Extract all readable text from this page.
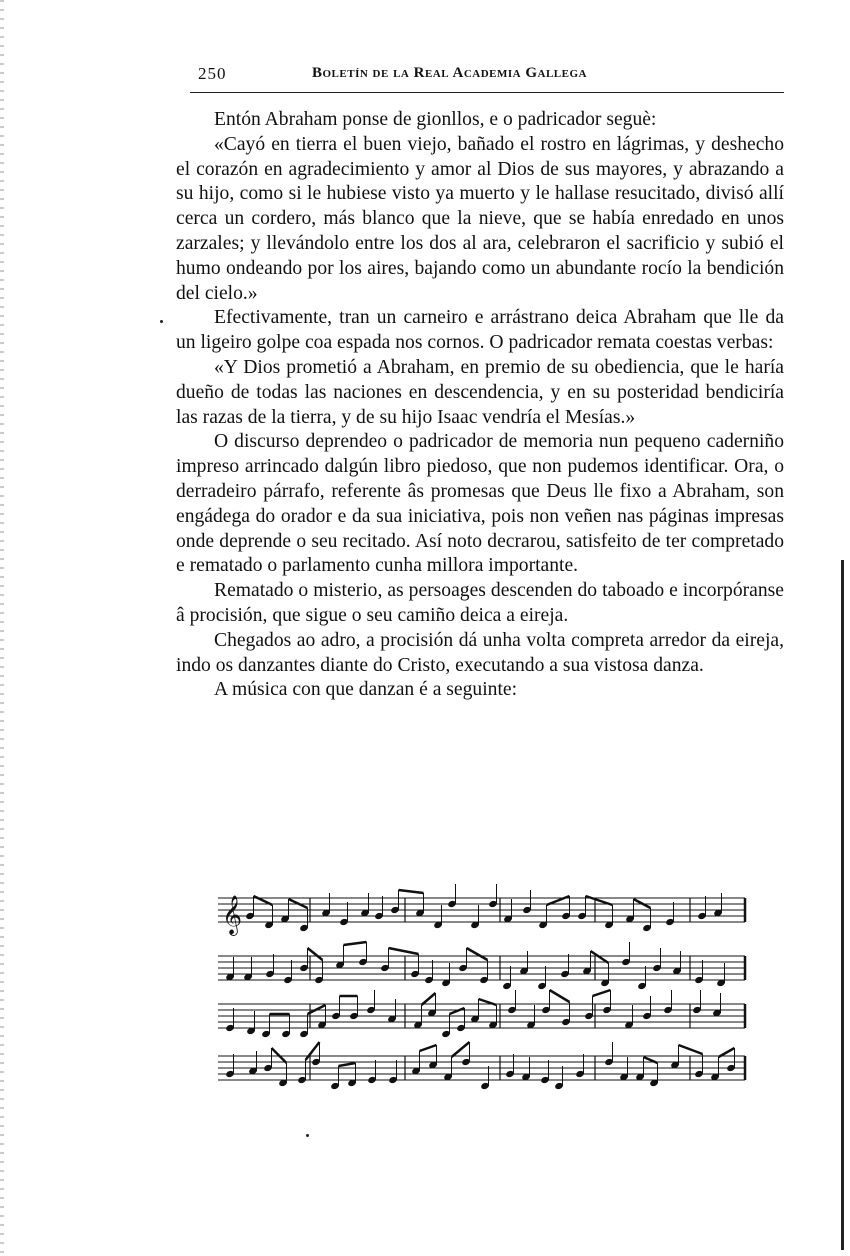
250	Boletín de la Real Academia Gallega

Entón Abraham ponse de gionllos, e o padricador seguè:

«Cayó en tierra el buen viejo, bañado el rostro en lágrimas, y deshecho el corazón en agradecimiento y amor al Dios de sus mayores, y abrazando a su hijo, como si le hubiese visto ya muerto y le hallase resucitado, divisó allí cerca un cordero, más blanco que la nieve, que se había enredado en unos zarzales; y llevándolo entre los dos al ara, celebraron el sacrificio y subió el humo ondeando por los aires, bajando como un abundante rocío la bendición del cielo.»

Efectivamente, tran un carneiro e arrástrano deica Abraham que lle da un ligeiro golpe coa espada nos cornos. O padricador remata coestas verbas:

«Y Dios prometió a Abraham, en premio de su obediencia, que le haría dueño de todas las naciones en descendencia, y en su posteridad bendiciría las razas de la tierra, y de su hijo Isaac vendría el Mesías.»

O discurso deprendeo o padricador de memoria nun pequeno caderniño impreso arrincado dalgún libro piedoso, que non pudemos identificar. Ora, o derradeiro párrafo, referente âs promesas que Deus lle fixo a Abraham, son engádega do orador e da sua iniciativa, pois non veñen nas páginas impresas onde deprende o seu recitado. Así noto decrarou, satisfeito de ter compretado e rematado o parlamento cunha millora importante.

Rematado o misterio, as persoages descenden do taboado e incorpóranse â procisión, que sigue o seu camiño deica a eireja.

Chegados ao adro, a procisión dá unha volta compreta arredor da eireja, indo os danzantes diante do Cristo, executando a sua vistosa danza.

A música con que danzan é a seguinte:

𝄞
